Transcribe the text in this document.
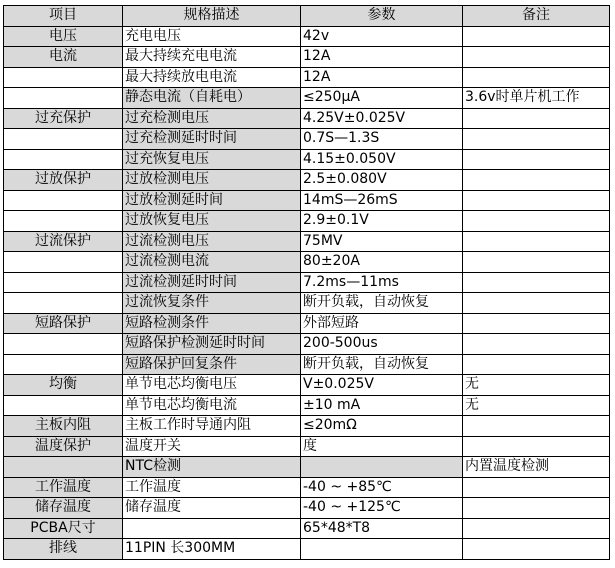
项目	规格描述	参数	备注
电压	充电电压	42v	
电流	最大持续充电电流	12A	
	最大持续放电电流	12A	
	静态电流（自耗电）	≤250μA	3.6v时单片机工作
过充保护	过充检测电压	4.25V±0.025V	
	过充检测延时时间	0.7S—1.3S	
	过充恢复电压	4.15±0.050V	
过放保护	过放检测电压	2.5±0.080V	
	过放检测延时间	14mS—26mS	
	过放恢复电压	2.9±0.1V	
过流保护	过流检测电压	75MV	
	过流检测电流	80±20A	
	过流检测延时时间	7.2ms—11ms	
	过流恢复条件	断开负载，自动恢复	
短路保护	短路检测条件	外部短路	
	短路保护检测延时时间	200-500us	
	短路保护回复条件	断开负载，自动恢复	
均衡	单节电芯均衡电压	V±0.025V	无
	单节电芯均衡电流	±10 mA	无
主板内阻	主板工作时导通内阻	≤20mΩ	
温度保护	温度开关	度	
	NTC检测		内置温度检测
工作温度	工作温度	-40 ~ +85℃	
储存温度	储存温度	-40 ~ +125℃	
PCBA尺寸		65*48*T8	
排线	11PIN 长300MM		
